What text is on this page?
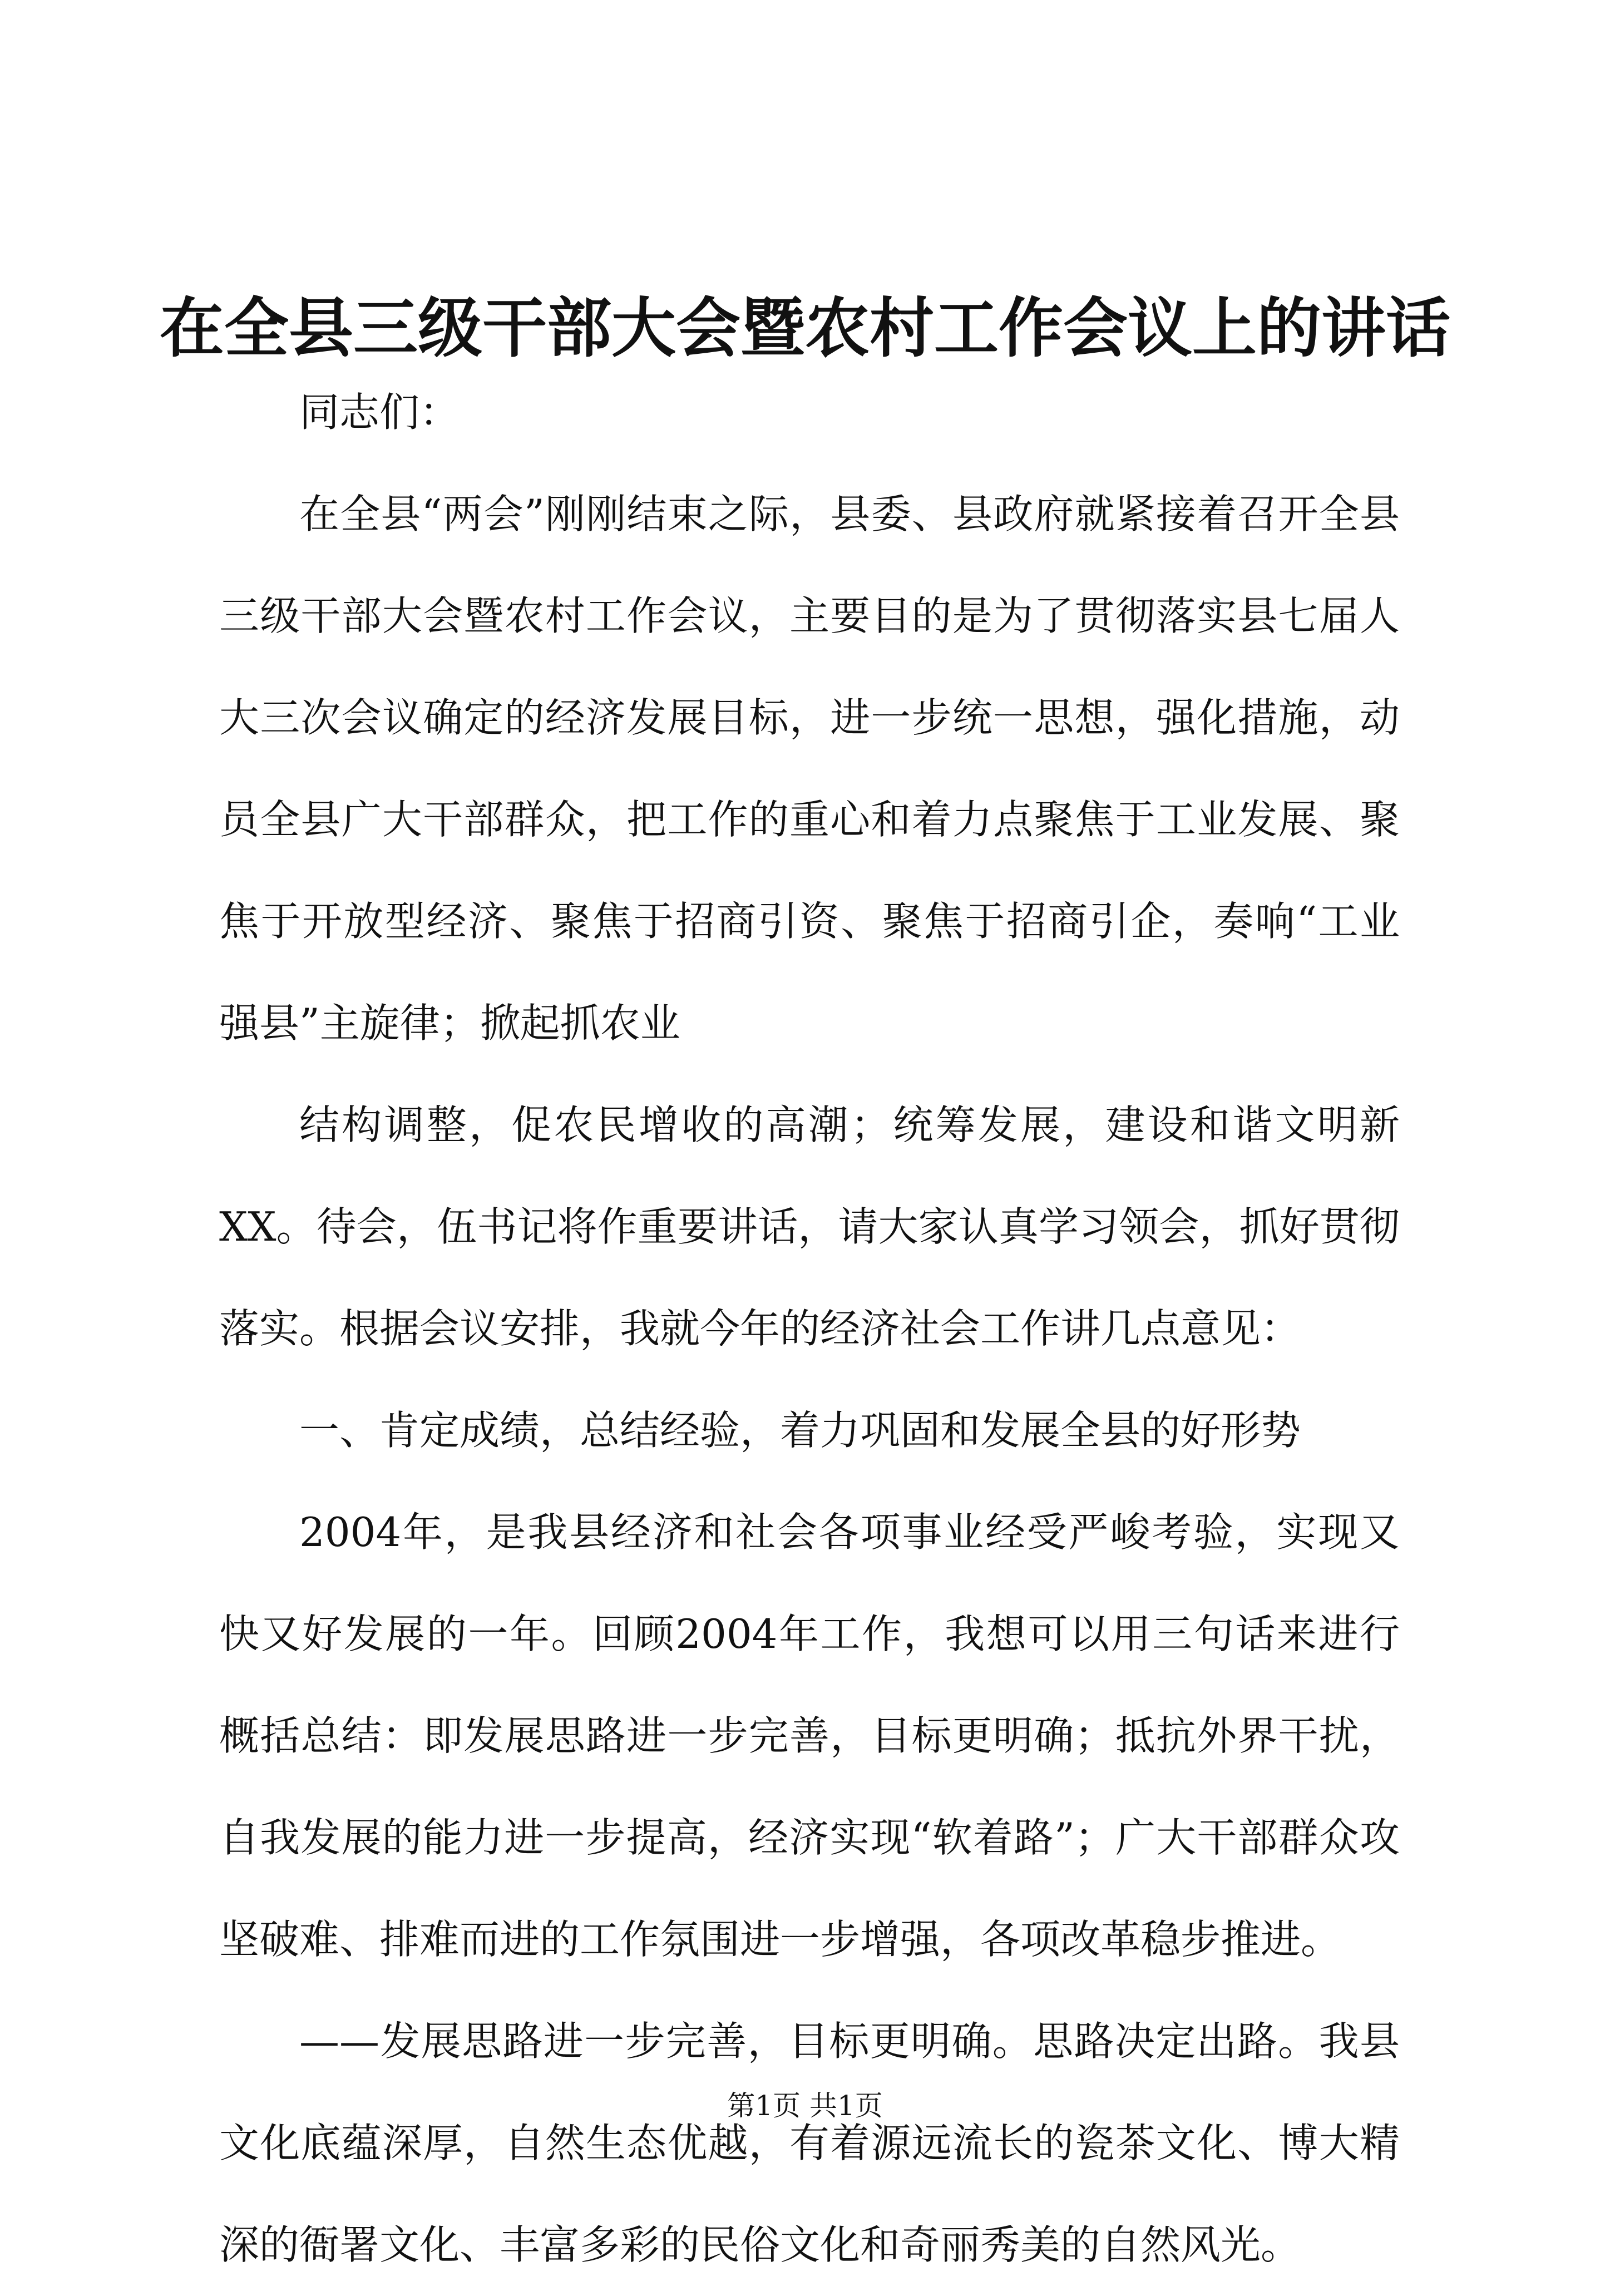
在全县三级干部大会暨农村工作会议上的讲话

同志们：

在全县“两会”刚刚结束之际，县委、县政府就紧接着召开全县三级干部大会暨农村工作会议，主要目的是为了贯彻落实县七届人大三次会议确定的经济发展目标，进一步统一思想，强化措施，动员全县广大干部群众，把工作的重心和着力点聚焦于工业发展、聚焦于开放型经济、聚焦于招商引资、聚焦于招商引企，奏响“工业强县”主旋律；掀起抓农业

结构调整，促农民增收的高潮；统筹发展，建设和谐文明新XX。待会，伍书记将作重要讲话，请大家认真学习领会，抓好贯彻落实。根据会议安排，我就今年的经济社会工作讲几点意见：

一、肯定成绩，总结经验，着力巩固和发展全县的好形势

2004年，是我县经济和社会各项事业经受严峻考验，实现又快又好发展的一年。回顾2004年工作，我想可以用三句话来进行概括总结：即发展思路进一步完善，目标更明确；抵抗外界干扰，自我发展的能力进一步提高，经济实现“软着路”；广大干部群众攻坚破难、排难而进的工作氛围进一步增强，各项改革稳步推进。

——发展思路进一步完善，目标更明确。思路决定出路。我县文化底蕴深厚，自然生态优越，有着源远流长的瓷茶文化、博大精深的衙署文化、丰富多彩的民俗文化和奇丽秀美的自然风光。

第1页 共1页
